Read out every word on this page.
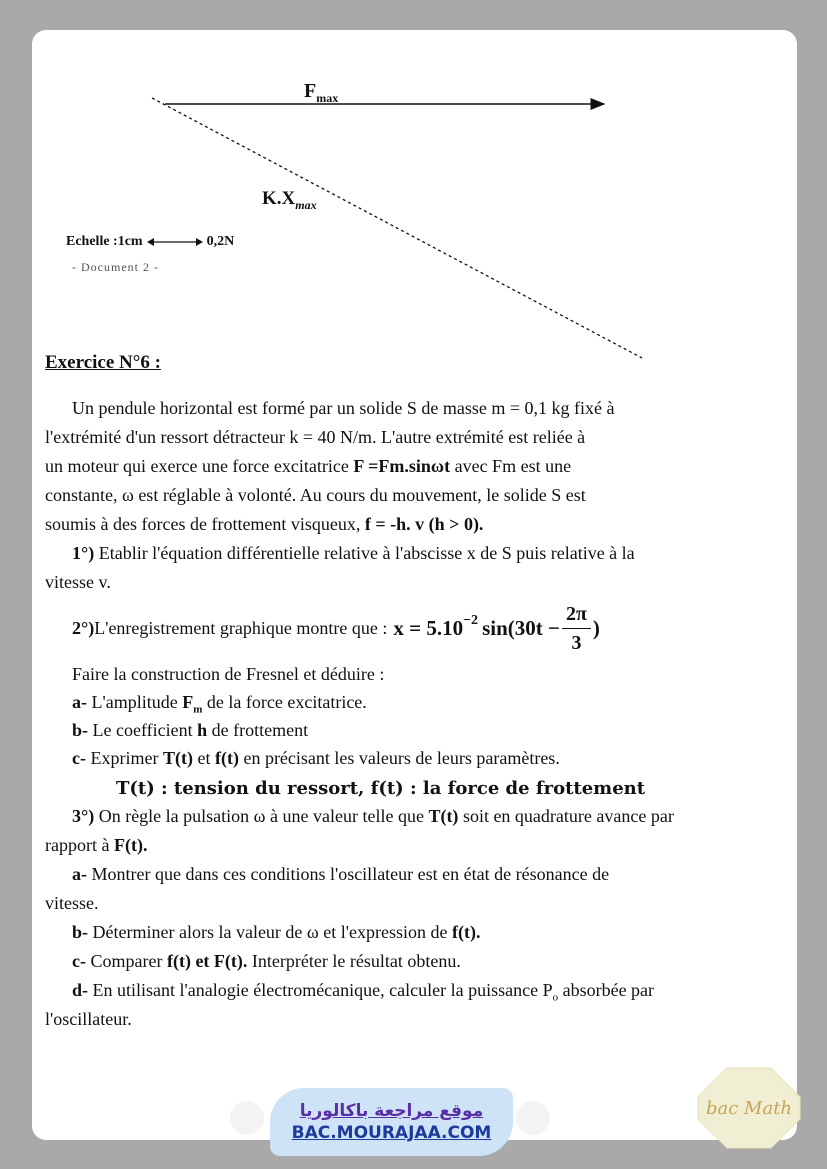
$F_{max}$
$K.X_{max}$
Echelle :1cm	0,2N
- Document 2 -
Exercice N°6 :
Un pendule horizontal est formé par un solide S de masse m = 0,1 kg fixé à
l'extrémité d'un ressort détracteur k = 40 N/m. L'autre extrémité est reliée à
un moteur qui exerce une force excitatrice F =Fm.sinωt avec Fm est une
constante, ω est réglable à volonté. Au cours du mouvement, le solide S est
soumis à des forces de frottement visqueux, f = -h. v (h > 0).
1°) Etablir l'équation différentielle relative à l'abscisse x de S puis relative à la
vitesse v.
2°) L'enregistrement graphique montre que : $x = 5.10^{-2}$ $\sin(30t - \frac{2\pi}{3}$ )
Faire la construction de Fresnel et déduire :
a- L'amplitude $F_m$ de la force excitatrice.
b- Le coefficient h de frottement
c- Exprimer T(t) et f(t) en précisant les valeurs de leurs paramètres.
T(t) : tension du ressort, f(t) : la force de frottement
3°) On règle la pulsation ω à une valeur telle que T(t) soit en quadrature avance par
rapport à F(t).
a- Montrer que dans ces conditions l'oscillateur est en état de résonance de
vitesse.
b- Déterminer alors la valeur de ω et l'expression de f(t).
c- Comparer f(t) et F(t). Interpréter le résultat obtenu.
d- En utilisant l'analogie électromécanique, calculer la puissance $P_o$ absorbée par
l'oscillateur.
موقع مراجعة باكالوريا
BAC.MOURAJAA.COM
bac Math
